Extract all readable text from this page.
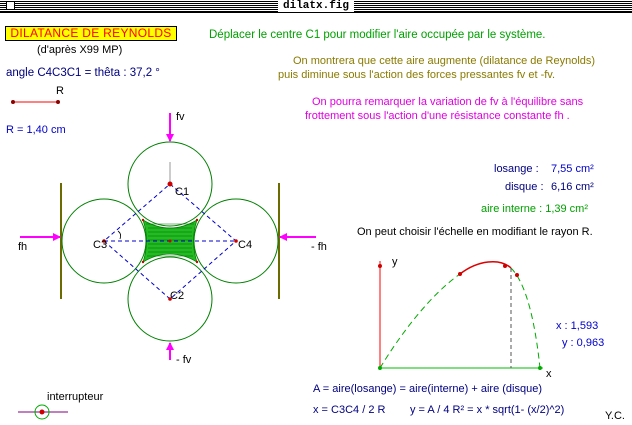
dilatx.fig
DILATANCE DE REYNOLDS
(d'après X99 MP)
angle C4C3C1 = thêta : 37,2 °
R
R = 1,40 cm
Déplacer le centre C1 pour modifier l'aire occupée par le système.
On montrera que cette aire augmente (dilatance de Reynolds)
puis diminue sous l'action des forces pressantes fv et -fv.
On pourra remarquer la variation de fv à l'équilibre sans
frottement sous l'action d'une résistance constante fh .
losange : 7,55 cm²
disque : 6,16 cm²
aire interne : 1,39 cm²
On peut choisir l'échelle en modifiant le rayon R.
x : 1,593
y : 0,963
A = aire(losange) = aire(interne) + aire (disque)
x = C3C4 / 2 R y = A / 4 R² = x * sqrt(1- (x/2)^2)	Y.C.
interrupteur
fv
- fv
fh	- fh
C1
C2
C3	C4
y
x
